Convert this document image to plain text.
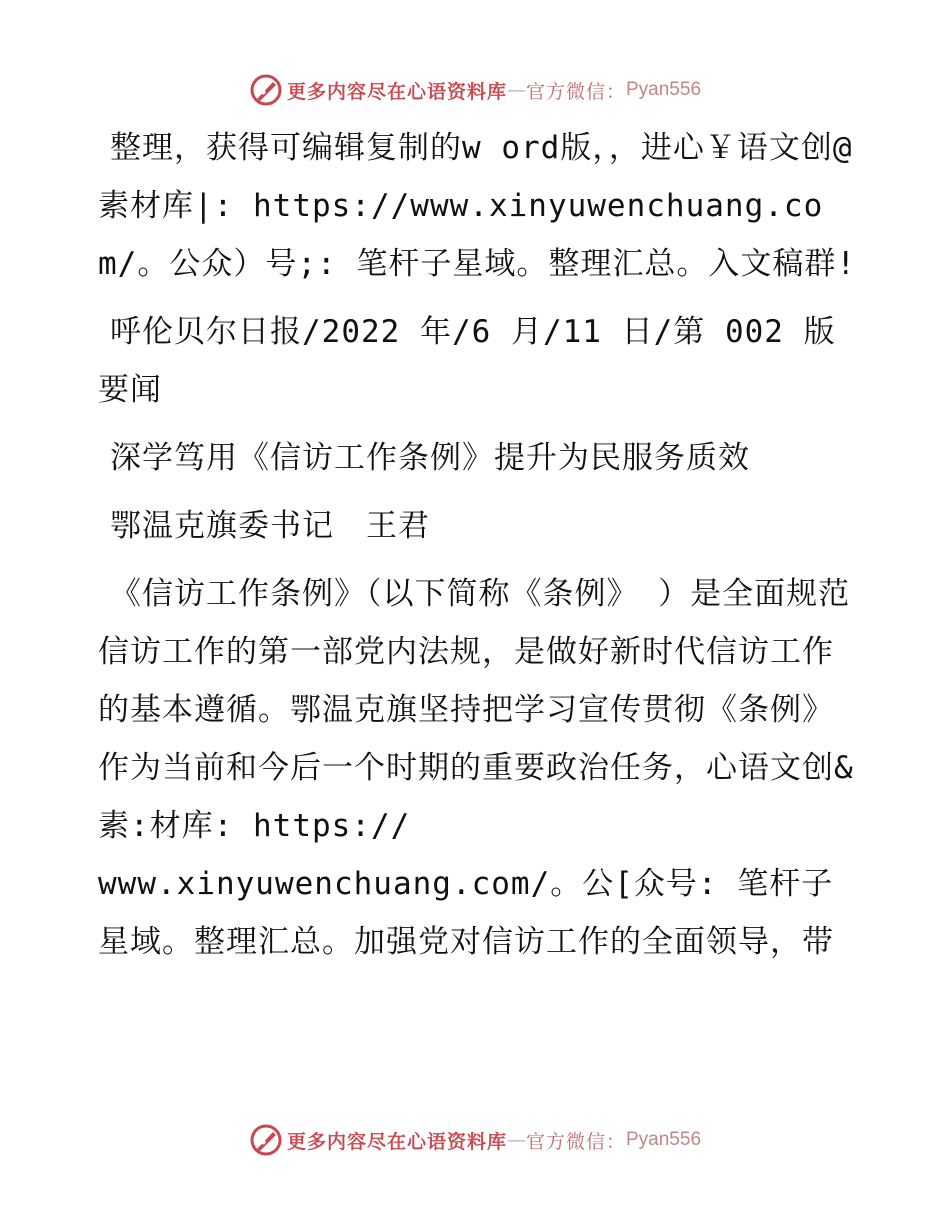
更多内容尽在心语资料库 — 官方微信： Pyan556

整理，获得可编辑复制的w ord版，，进心￥语文创@素材库|: https://www.xinyuwenchuang.com/。公众）号;: 笔杆子星域。整理汇总。入文稿群!

呼伦贝尔日报/2022 年/6 月/11 日/第 002 版要闻

深学笃用《信访工作条例》提升为民服务质效

鄂温克旗委书记　王君

《信访工作条例》（以下简称《条例》 ）是全面规范信访工作的第一部党内法规，是做好新时代信访工作的基本遵循。鄂温克旗坚持把学习宣传贯彻《条例》作为当前和今后一个时期的重要政治任务，心语文创&素:材库: https://

www.xinyuwenchuang.com/。公[众号: 笔杆子星域。整理汇总。加强党对信访工作的全面领导，带

更多内容尽在心语资料库 — 官方微信： Pyan556
